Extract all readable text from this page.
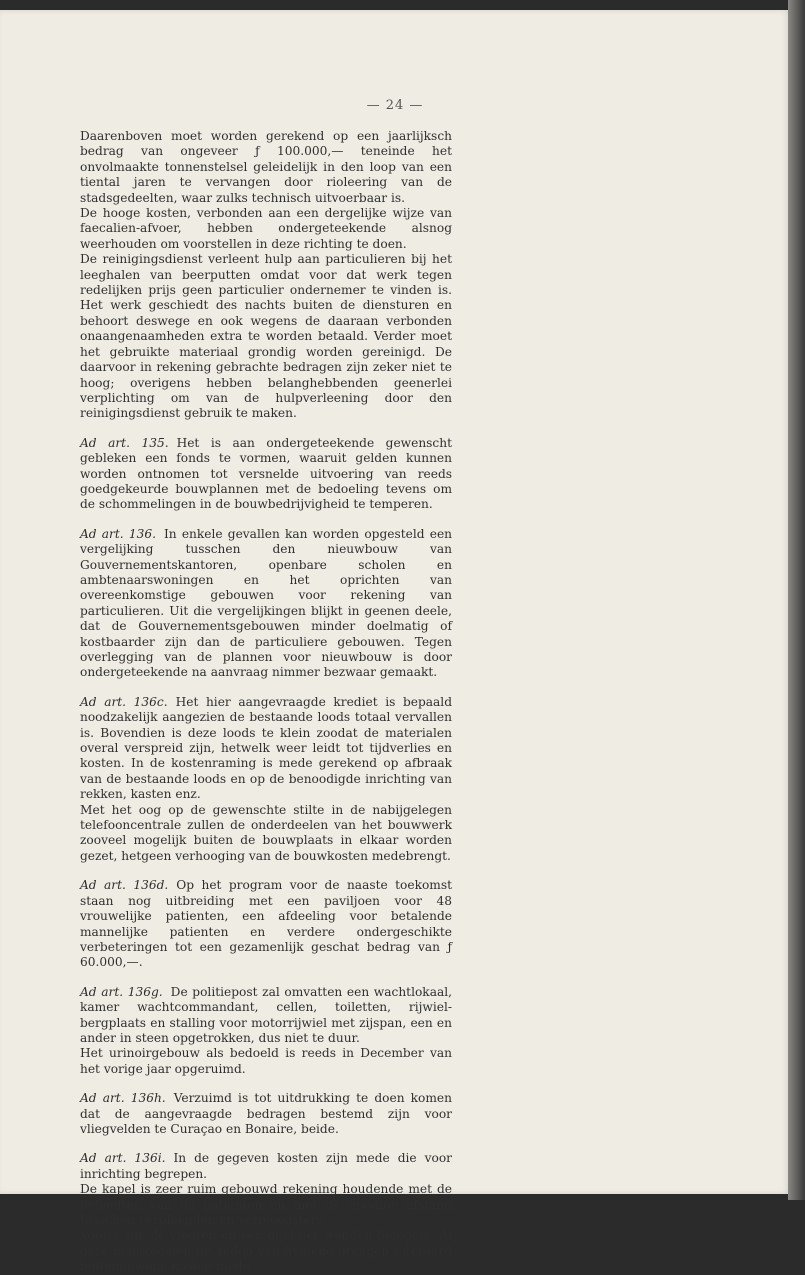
— 24 —

Daarenboven moet worden gerekend op een jaarlijksch bedrag van ongeveer ƒ 100.000,— teneinde het onvolmaakte tonnenstelsel geleidelijk in den loop van een tiental jaren te vervangen door rioleering van de stadsgedeelten, waar zulks technisch uitvoerbaar is.

De hooge kosten, verbonden aan een dergelijke wijze van faecalien-afvoer, hebben ondergeteekende alsnog weerhouden om voorstellen in deze richting te doen.

De reinigingsdienst verleent hulp aan particulieren bij het leeghalen van beerputten omdat voor dat werk tegen redelijken prijs geen particulier ondernemer te vinden is. Het werk geschiedt des nachts buiten de diensturen en behoort deswege en ook wegens de daaraan verbonden onaangenaamheden extra te worden betaald. Verder moet het gebruikte materiaal grondig worden gereinigd. De daarvoor in rekening gebrachte bedragen zijn zeker niet te hoog; overigens hebben belanghebbenden geenerlei verplichting om van de hulpverleening door den reinigingsdienst gebruik te maken.

Ad art. 135. Het is aan ondergeteekende gewenscht gebleken een fonds te vormen, waaruit gelden kunnen worden ontnomen tot versnelde uitvoering van reeds goedgekeurde bouwplannen met de bedoeling tevens om de schommelingen in de bouwbedrijvigheid te temperen.

Ad art. 136. In enkele gevallen kan worden opgesteld een vergelijking tusschen den nieuwbouw van Gouvernementskantoren, openbare scholen en ambtenaarswoningen en het oprichten van overeenkomstige gebouwen voor rekening van particulieren. Uit die vergelijkingen blijkt in geenen deele, dat de Gouvernementsgebouwen minder doelmatig of kostbaarder zijn dan de particuliere gebouwen. Tegen overlegging van de plannen voor nieuwbouw is door ondergeteekende na aanvraag nimmer bezwaar gemaakt.

Ad art. 136c. Het hier aangevraagde krediet is bepaald noodzakelijk aangezien de bestaande loods totaal vervallen is. Bovendien is deze loods te klein zoodat de materialen overal verspreid zijn, hetwelk weer leidt tot tijdverlies en kosten. In de kostenraming is mede gerekend op afbraak van de bestaande loods en op de benoodigde inrichting van rekken, kasten enz.

Met het oog op de gewenschte stilte in de nabijgelegen telefooncentrale zullen de onderdeelen van het bouwwerk zooveel mogelijk buiten de bouwplaats in elkaar worden gezet, hetgeen verhooging van de bouwkosten medebrengt.

Ad art. 136d. Op het program voor de naaste toekomst staan nog uitbreiding met een paviljoen voor 48 vrouwelijke patienten, een afdeeling voor betalende mannelijke patienten en verdere ondergeschikte verbeteringen tot een gezamenlijk geschat bedrag van ƒ 60.000,—.

Ad art. 136g. De politiepost zal omvatten een wachtlokaal, kamer wachtcommandant, cellen, toiletten, rijwiel-bergplaats en stalling voor motorrijwiel met zijspan, een en ander in steen opgetrokken, dus niet te duur.

Het urinoirgebouw als bedoeld is reeds in December van het vorige jaar opgeruimd.

Ad art. 136h. Verzuimd is tot uitdrukking te doen komen dat de aangevraagde bedragen bestemd zijn voor vliegvelden te Curaçao en Bonaire, beide.

Ad art. 136i. In de gegeven kosten zijn mede die voor inrichting begrepen.

De kapel is zeer ruim gebouwd rekening houdende met de behoeften van de patienten en met de noodige afstand tusschen verpleegden en verpleegsters.

Voorts zijn de vloeren en een deel der wanden betegeld. Al deze maatregelen uit reden van hygiene brengen uiteraard buitengewone kosten mede.
